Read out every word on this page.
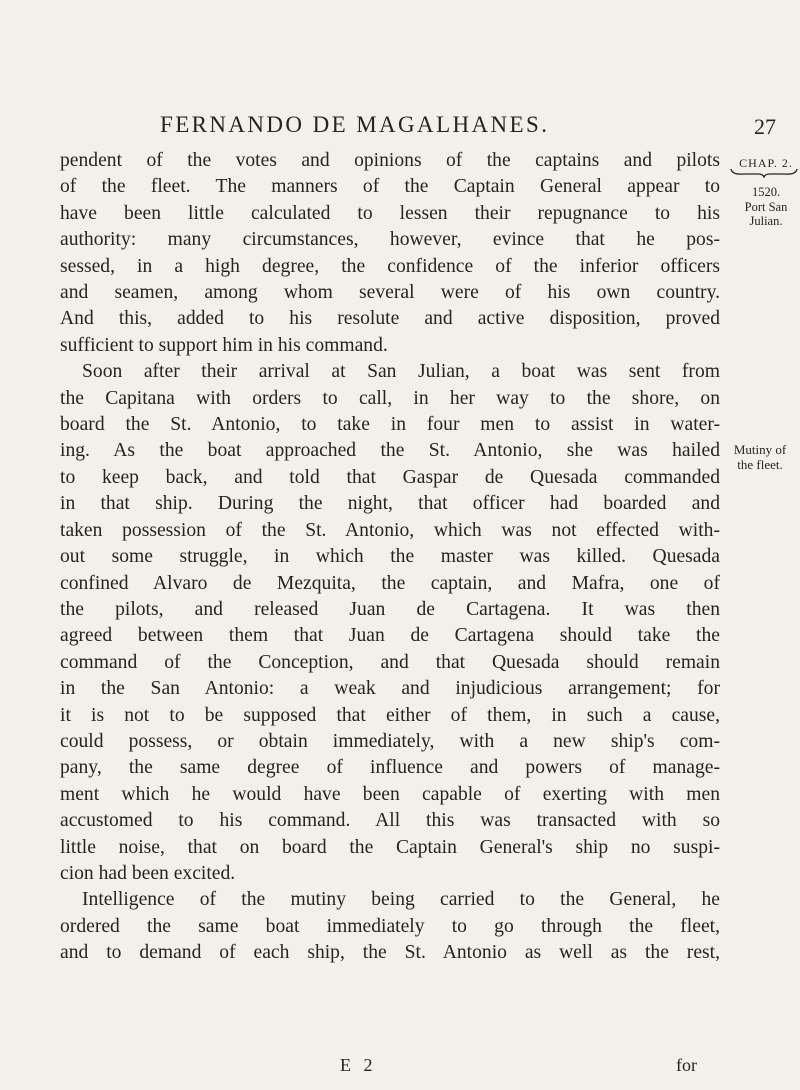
FERNANDO DE MAGALHANES.	27
CHAP. 2.
1520.
Port San
Julian.
Mutiny of
the fleet.
pendent of the votes and opinions of the captains and pilots
of the fleet. The manners of the Captain General appear to
have been little calculated to lessen their repugnance to his
authority: many circumstances, however, evince that he pos-
sessed, in a high degree, the confidence of the inferior officers
and seamen, among whom several were of his own country.
And this, added to his resolute and active disposition, proved
sufficient to support him in his command.
Soon after their arrival at San Julian, a boat was sent from
the Capitana with orders to call, in her way to the shore, on
board the St. Antonio, to take in four men to assist in water-
ing. As the boat approached the St. Antonio, she was hailed
to keep back, and told that Gaspar de Quesada commanded
in that ship. During the night, that officer had boarded and
taken possession of the St. Antonio, which was not effected with-
out some struggle, in which the master was killed. Quesada
confined Alvaro de Mezquita, the captain, and Mafra, one of
the pilots, and released Juan de Cartagena. It was then
agreed between them that Juan de Cartagena should take the
command of the Conception, and that Quesada should remain
in the San Antonio: a weak and injudicious arrangement; for
it is not to be supposed that either of them, in such a cause,
could possess, or obtain immediately, with a new ship's com-
pany, the same degree of influence and powers of manage-
ment which he would have been capable of exerting with men
accustomed to his command. All this was transacted with so
little noise, that on board the Captain General's ship no suspi-
cion had been excited.
Intelligence of the mutiny being carried to the General, he
ordered the same boat immediately to go through the fleet,
and to demand of each ship, the St. Antonio as well as the rest,
E 2	for
